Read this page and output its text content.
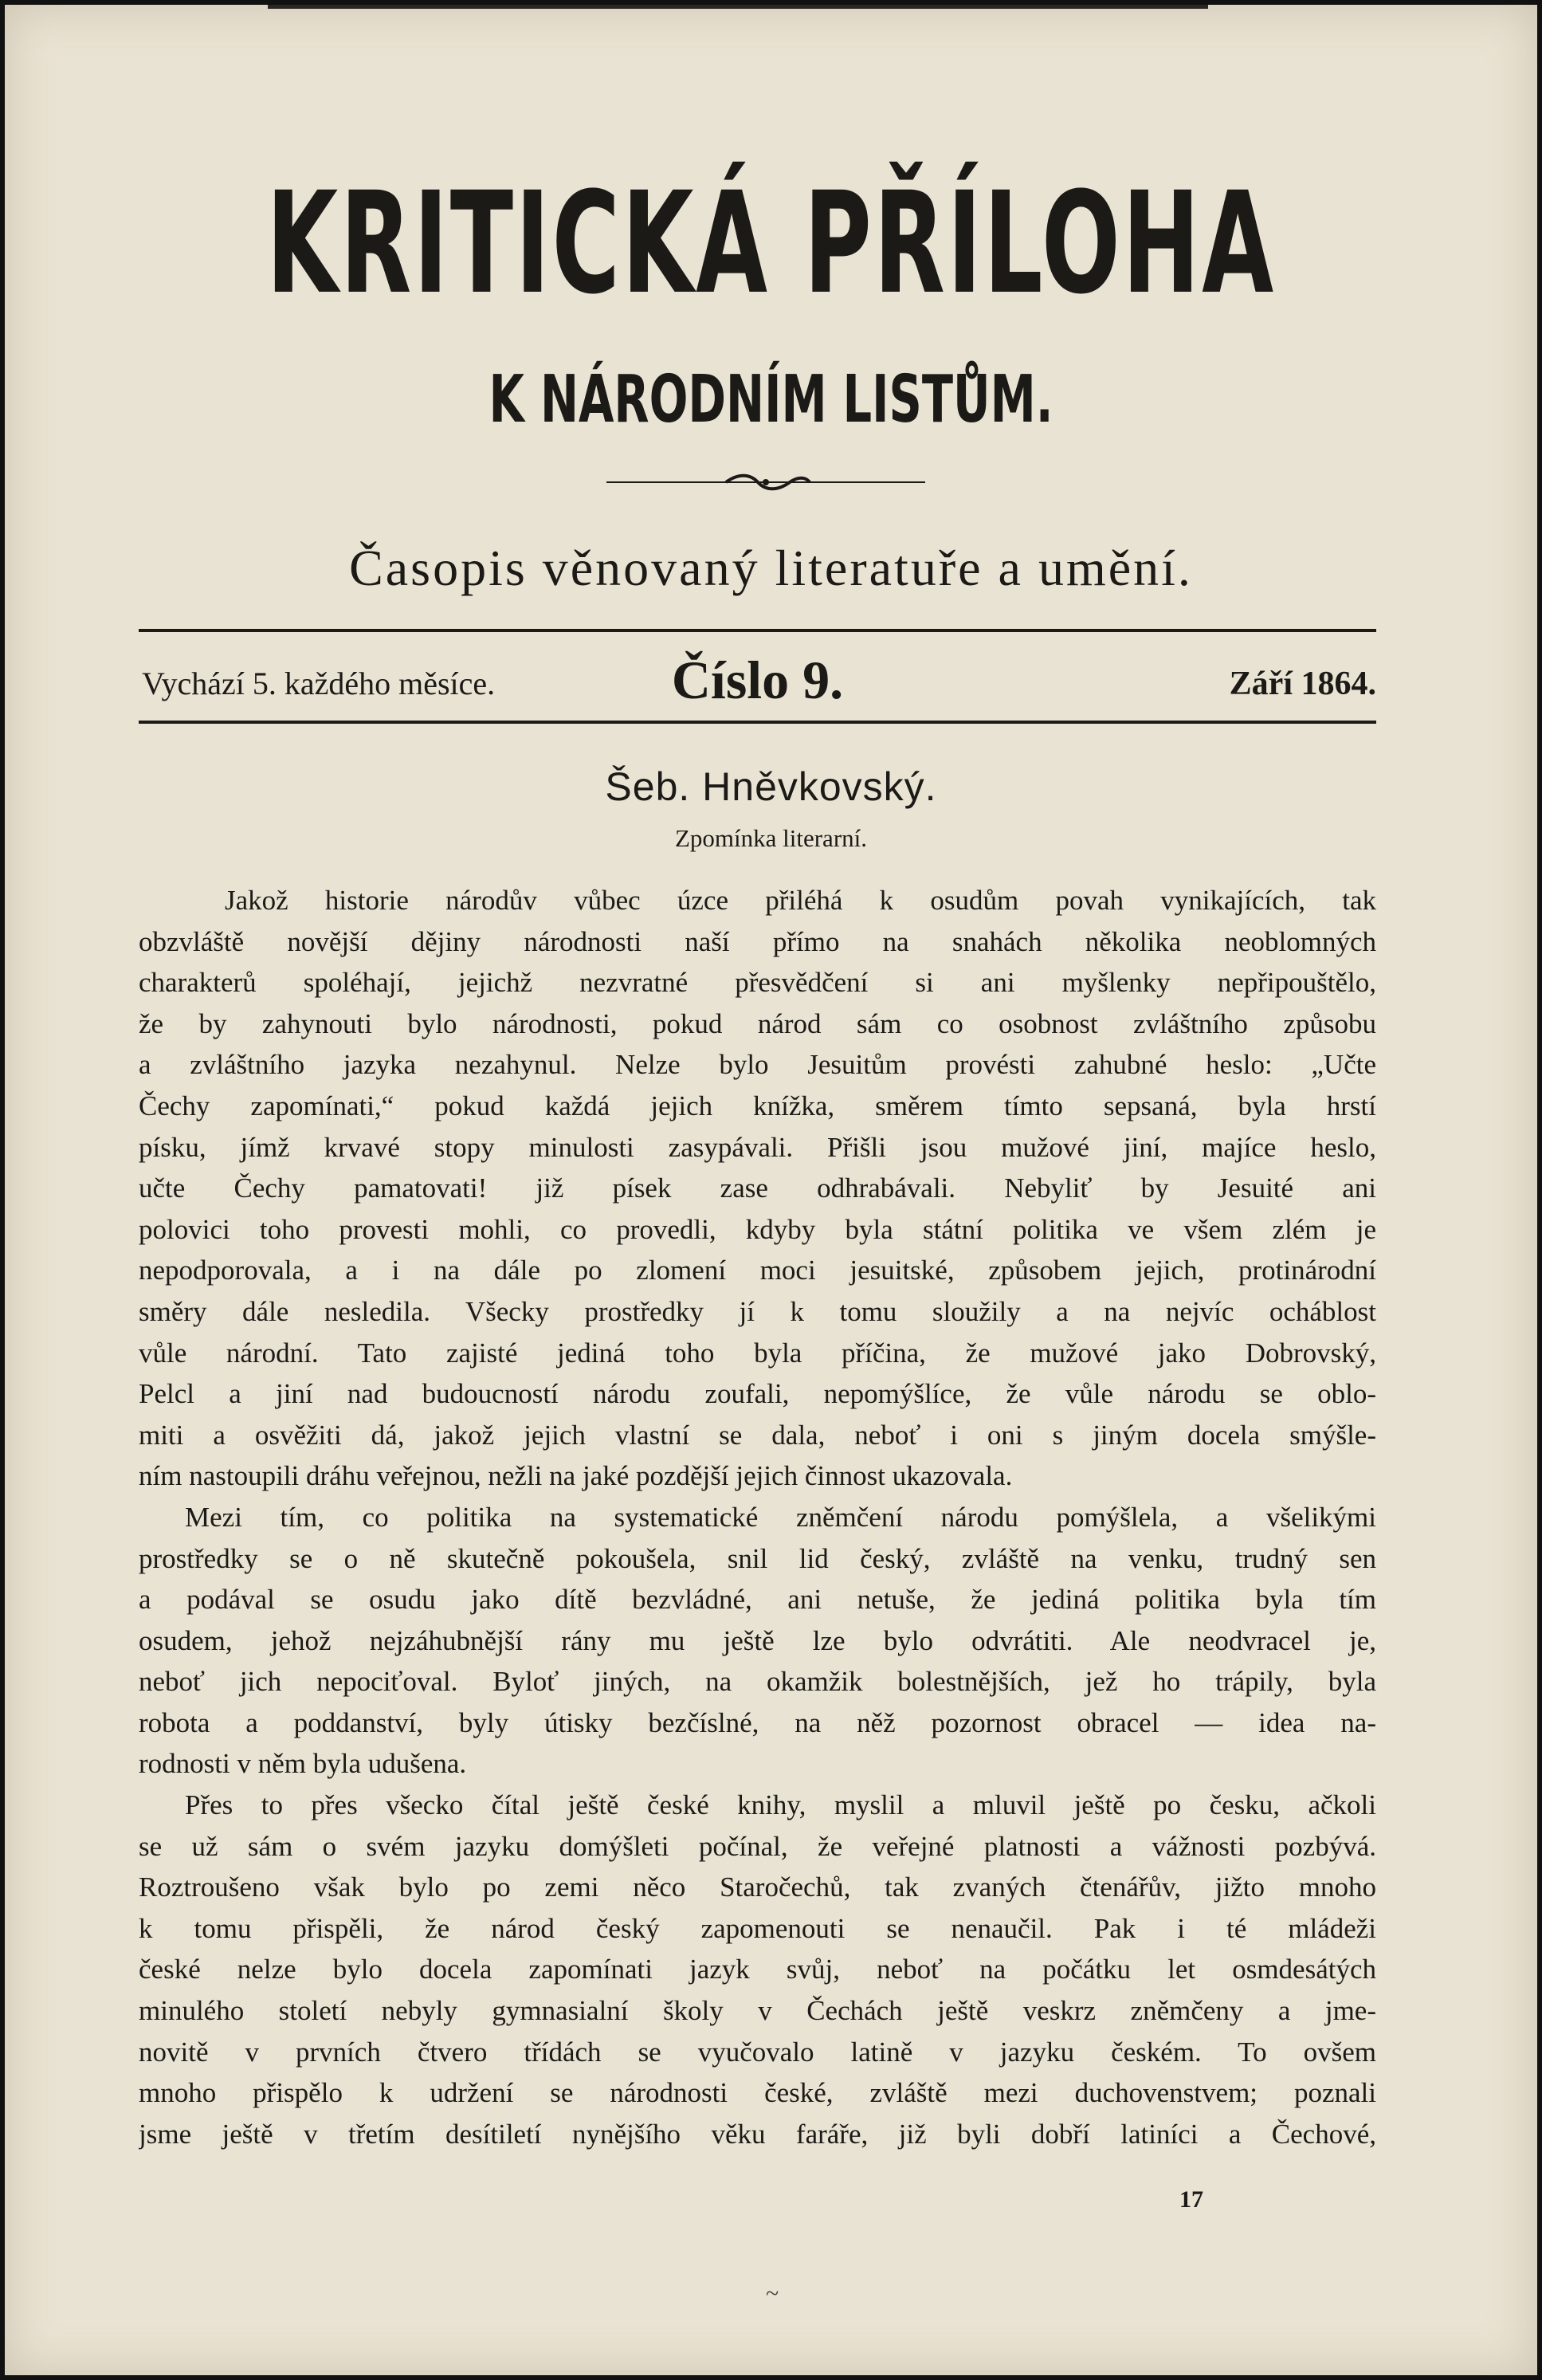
KRITICKÁ PŘÍLOHA
K NÁRODNÍM LISTŮM.
Časopis věnovaný literatuře a umění.
Vychází 5. každého měsíce.	Číslo 9.	Září 1864.
Šeb. Hněvkovský.
Zpomínka literarní.
Jakož historie národův vůbec úzce přiléhá k osudům povah vynikajících, tak
obzvláště novější dějiny národnosti naší přímo na snahách několika neoblomných
charakterů spoléhají, jejichž nezvratné přesvědčení si ani myšlenky nepřipouštělo,
že by zahynouti bylo národnosti, pokud národ sám co osobnost zvláštního způsobu
a zvláštního jazyka nezahynul. Nelze bylo Jesuitům provésti zahubné heslo: „Učte
Čechy zapomínati,“ pokud každá jejich knížka, směrem tímto sepsaná, byla hrstí
písku, jímž krvavé stopy minulosti zasypávali. Přišli jsou mužové jiní, majíce heslo,
učte Čechy pamatovati! již písek zase odhrabávali. Nebyliť by Jesuité ani
polovici toho provesti mohli, co provedli, kdyby byla státní politika ve všem zlém je
nepodporovala, a i na dále po zlomení moci jesuitské, způsobem jejich, protinárodní
směry dále nesledila. Všecky prostředky jí k tomu sloužily a na nejvíc ocháblost
vůle národní. Tato zajisté jediná toho byla příčina, že mužové jako Dobrovský,
Pelcl a jiní nad budoucností národu zoufali, nepomýšlíce, že vůle národu se oblo-
miti a osvěžiti dá, jakož jejich vlastní se dala, neboť i oni s jiným docela smýšle-
ním nastoupili dráhu veřejnou, nežli na jaké pozdější jejich činnost ukazovala.
Mezi tím, co politika na systematické zněmčení národu pomýšlela, a všelikými
prostředky se o ně skutečně pokoušela, snil lid český, zvláště na venku, trudný sen
a podával se osudu jako dítě bezvládné, ani netuše, že jediná politika byla tím
osudem, jehož nejzáhubnější rány mu ještě lze bylo odvrátiti. Ale neodvracel je,
neboť jich nepociťoval. Byloť jiných, na okamžik bolestnějších, jež ho trápily, byla
robota a poddanství, byly útisky bezčíslné, na něž pozornost obracel — idea na-
rodnosti v něm byla udušena.
Přes to přes všecko čítal ještě české knihy, myslil a mluvil ještě po česku, ačkoli
se už sám o svém jazyku domýšleti počínal, že veřejné platnosti a vážnosti pozbývá.
Roztroušeno však bylo po zemi něco Staročechů, tak zvaných čtenářův, jižto mnoho
k tomu přispěli, že národ český zapomenouti se nenaučil. Pak i té mládeži
české nelze bylo docela zapomínati jazyk svůj, neboť na počátku let osmdesátých
minulého století nebyly gymnasialní školy v Čechách ještě veskrz zněmčeny a jme-
novitě v prvních čtvero třídách se vyučovalo latině v jazyku českém. To ovšem
mnoho přispělo k udržení se národnosti české, zvláště mezi duchovenstvem; poznali
jsme ještě v třetím desítiletí nynějšího věku faráře, již byli dobří latiníci a Čechové,
17
~
